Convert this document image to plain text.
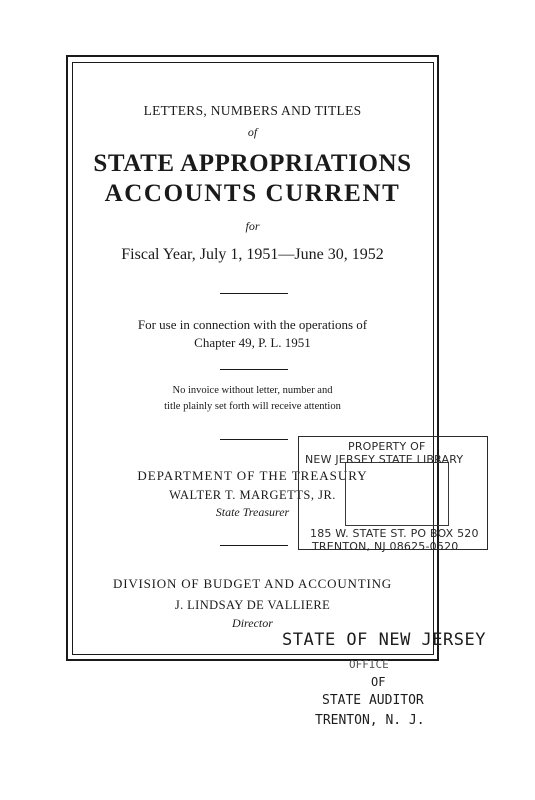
LETTERS, NUMBERS AND TITLES
of
STATE APPROPRIATIONS
ACCOUNTS CURRENT
for
Fiscal Year, July 1, 1951—June 30, 1952
For use in connection with the operations of
Chapter 49, P. L. 1951
No invoice without letter, number and
title plainly set forth will receive attention
DEPARTMENT OF THE TREASURY
WALTER T. MARGETTS, JR.
State Treasurer
DIVISION OF BUDGET AND ACCOUNTING
J. LINDSAY DE VALLIERE
Director
PROPERTY OF
NEW JERSEY STATE LIBRARY
185 W. STATE ST. PO BOX 520
TRENTON, NJ 08625-0520
STATE OF NEW JERSEY
OFFICE
OF
STATE AUDITOR
TRENTON, N. J.
